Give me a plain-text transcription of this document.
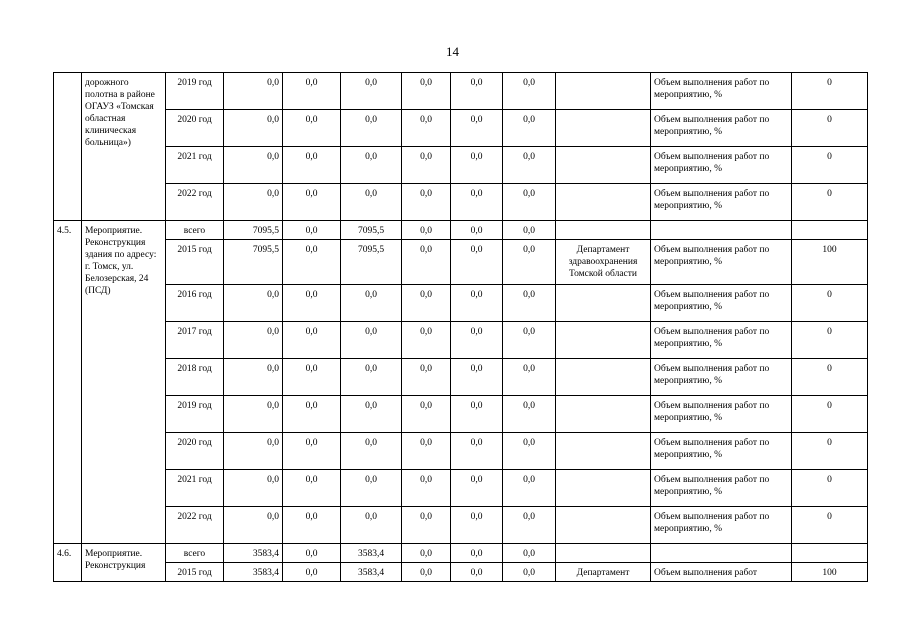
14
	дорожного полотна в районе ОГАУЗ «Томская областная клиническая больница»)	2019 год	0,0	0,0	0,0	0,0	0,0	0,0		Объем выполнения работ по мероприятию, %	0
		2020 год	0,0	0,0	0,0	0,0	0,0	0,0		Объем выполнения работ по мероприятию, %	0
		2021 год	0,0	0,0	0,0	0,0	0,0	0,0		Объем выполнения работ по мероприятию, %	0
		2022 год	0,0	0,0	0,0	0,0	0,0	0,0		Объем выполнения работ по мероприятию, %	0
4.5.	Мероприятие. Реконструкция здания по адресу: г. Томск, ул. Белозерская, 24 (ПСД)	всего	7095,5	0,0	7095,5	0,0	0,0	0,0			
		2015 год	7095,5	0,0	7095,5	0,0	0,0	0,0	Департамент здравоохранения Томской области	Объем выполнения работ по мероприятию, %	100
		2016 год	0,0	0,0	0,0	0,0	0,0	0,0		Объем выполнения работ по мероприятию, %	0
		2017 год	0,0	0,0	0,0	0,0	0,0	0,0		Объем выполнения работ по мероприятию, %	0
		2018 год	0,0	0,0	0,0	0,0	0,0	0,0		Объем выполнения работ по мероприятию, %	0
		2019 год	0,0	0,0	0,0	0,0	0,0	0,0		Объем выполнения работ по мероприятию, %	0
		2020 год	0,0	0,0	0,0	0,0	0,0	0,0		Объем выполнения работ по мероприятию, %	0
		2021 год	0,0	0,0	0,0	0,0	0,0	0,0		Объем выполнения работ по мероприятию, %	0
		2022 год	0,0	0,0	0,0	0,0	0,0	0,0		Объем выполнения работ по мероприятию, %	0
4.6.	Мероприятие. Реконструкция	всего	3583,4	0,0	3583,4	0,0	0,0	0,0			
		2015 год	3583,4	0,0	3583,4	0,0	0,0	0,0	Департамент	Объем выполнения работ	100
